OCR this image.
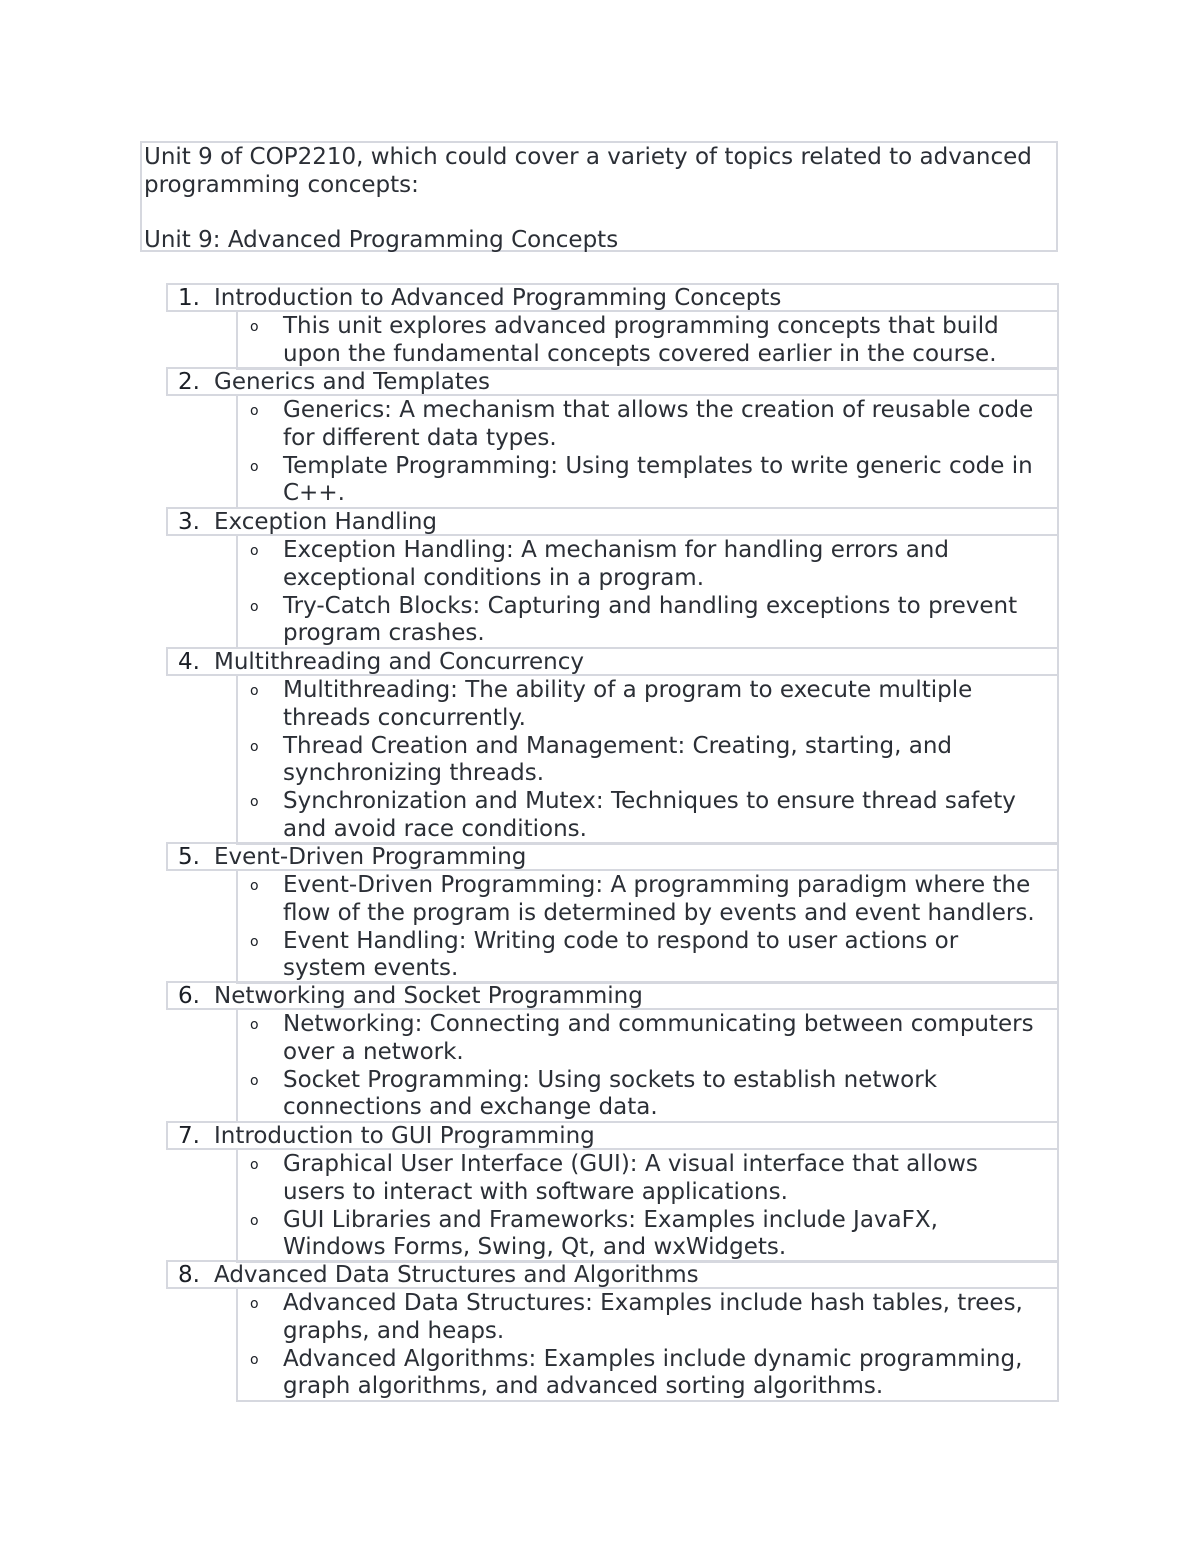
Unit 9 of COP2210, which could cover a variety of topics related to advanced
programming concepts:
Unit 9: Advanced Programming Concepts
1. Introduction to Advanced Programming Concepts
o This unit explores advanced programming concepts that build
upon the fundamental concepts covered earlier in the course.
2. Generics and Templates
o Generics: A mechanism that allows the creation of reusable code
for different data types.
o Template Programming: Using templates to write generic code in
C++.
3. Exception Handling
o Exception Handling: A mechanism for handling errors and
exceptional conditions in a program.
o Try-Catch Blocks: Capturing and handling exceptions to prevent
program crashes.
4. Multithreading and Concurrency
o Multithreading: The ability of a program to execute multiple
threads concurrently.
o Thread Creation and Management: Creating, starting, and
synchronizing threads.
o Synchronization and Mutex: Techniques to ensure thread safety
and avoid race conditions.
5. Event-Driven Programming
o Event-Driven Programming: A programming paradigm where the
flow of the program is determined by events and event handlers.
o Event Handling: Writing code to respond to user actions or
system events.
6. Networking and Socket Programming
o Networking: Connecting and communicating between computers
over a network.
o Socket Programming: Using sockets to establish network
connections and exchange data.
7. Introduction to GUI Programming
o Graphical User Interface (GUI): A visual interface that allows
users to interact with software applications.
o GUI Libraries and Frameworks: Examples include JavaFX,
Windows Forms, Swing, Qt, and wxWidgets.
8. Advanced Data Structures and Algorithms
o Advanced Data Structures: Examples include hash tables, trees,
graphs, and heaps.
o Advanced Algorithms: Examples include dynamic programming,
graph algorithms, and advanced sorting algorithms.
